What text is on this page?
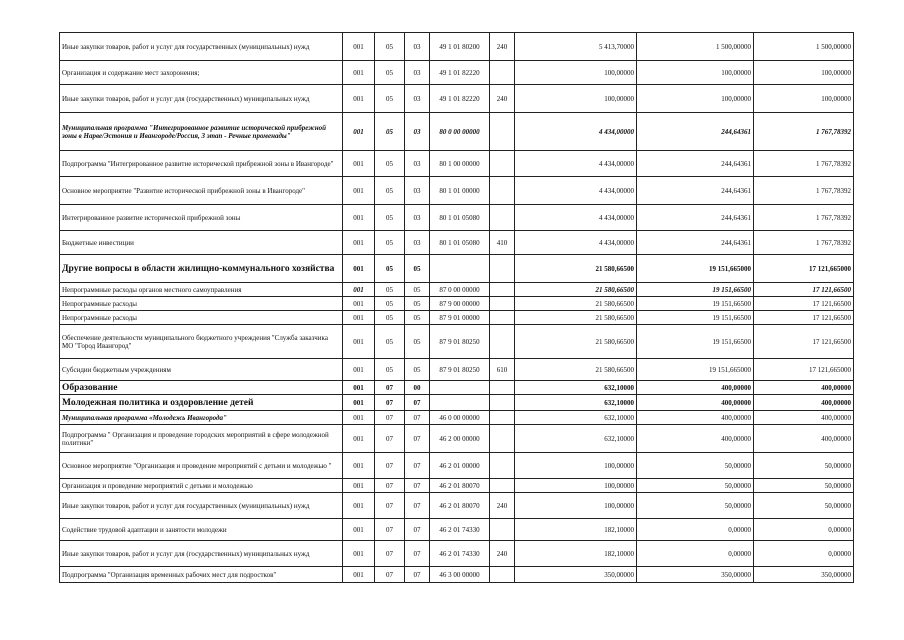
Иные закупки товаров, работ и услуг для государственных (муниципальных) нужд	001	05	03	49 1 01 80200	240	5 413,70000	1 500,00000	1 500,00000
Организация и содержание мест захоронения;	001	05	03	49 1 01 82220		100,00000	100,00000	100,00000
Иные закупки товаров, работ и услуг для (государственных) муниципальных нужд	001	05	03	49 1 01 82220	240	100,00000	100,00000	100,00000
Муниципальная программа "Интегрированное развитие исторической прибрежной зоны в Нарве/Эстония и Ивангороде/Россия, 3 этап - Речные променады"	001	05	03	80 0 00 00000		4 434,00000	244,64361	1 767,78392
Подпрограмма "Интегрированное развитие исторической прибрежной зоны в Ивангороде"	001	05	03	80 1 00 00000		4 434,00000	244,64361	1 767,78392
Основное мероприятие "Развитие исторической прибрежной зоны в Ивангороде"	001	05	03	80 1 01 00000		4 434,00000	244,64361	1 767,78392
Интегрированное развитие исторической прибрежной зоны	001	05	03	80 1 01 05080		4 434,00000	244,64361	1 767,78392
Бюджетные инвестиции	001	05	03	80 1 01 05080	410	4 434,00000	244,64361	1 767,78392
Другие вопросы в области жилищно-коммунального хозяйства	001	05	05			21 580,66500	19 151,665000	17 121,665000
Непрограммные расходы органов местного самоуправления	001	05	05	87 0 00 00000		21 580,66500	19 151,66500	17 121,66500
Непрограммные расходы	001	05	05	87 9 00 00000		21 580,66500	19 151,66500	17 121,66500
Непрограммные расходы	001	05	05	87 9 01 00000		21 580,66500	19 151,66500	17 121,66500
Обеспечение деятельности муниципального бюджетного учреждения "Служба заказчика МО "Город Ивангород"	001	05	05	87 9 01 80250		21 580,66500	19 151,66500	17 121,66500
Субсидии бюджетным учреждениям	001	05	05	87 9 01 80250	610	21 580,66500	19 151,665000	17 121,665000
Образование	001	07	00			632,10000	400,00000	400,00000
Молодежная политика и оздоровление детей	001	07	07			632,10000	400,00000	400,00000
Муниципальная программа «Молодежь Ивангорода"	001	07	07	46 0 00 00000		632,10000	400,00000	400,00000
Подпрограмма " Организация и проведение городских мероприятий в сфере молодежной политики"	001	07	07	46 2 00 00000		632,10000	400,00000	400,00000
Основное мероприятие "Организация и проведение мероприятий с детьми и молодежью "	001	07	07	46 2 01 00000		100,00000	50,00000	50,00000
Организация и проведение мероприятий с детьми и молодежью	001	07	07	46 2 01 80070		100,00000	50,00000	50,00000
Иные закупки товаров, работ и услуг для государственных (муниципальных) нужд	001	07	07	46 2 01 80070	240	100,00000	50,00000	50,00000
Содействие трудовой адаптации и занятости молодежи	001	07	07	46 2 01 74330		182,10000	0,00000	0,00000
Иные закупки товаров, работ и услуг для (государственных) муниципальных нужд	001	07	07	46 2 01 74330	240	182,10000	0,00000	0,00000
Подпрограмма "Организация временных рабочих мест для подростков"	001	07	07	46 3 00 00000		350,00000	350,00000	350,00000
